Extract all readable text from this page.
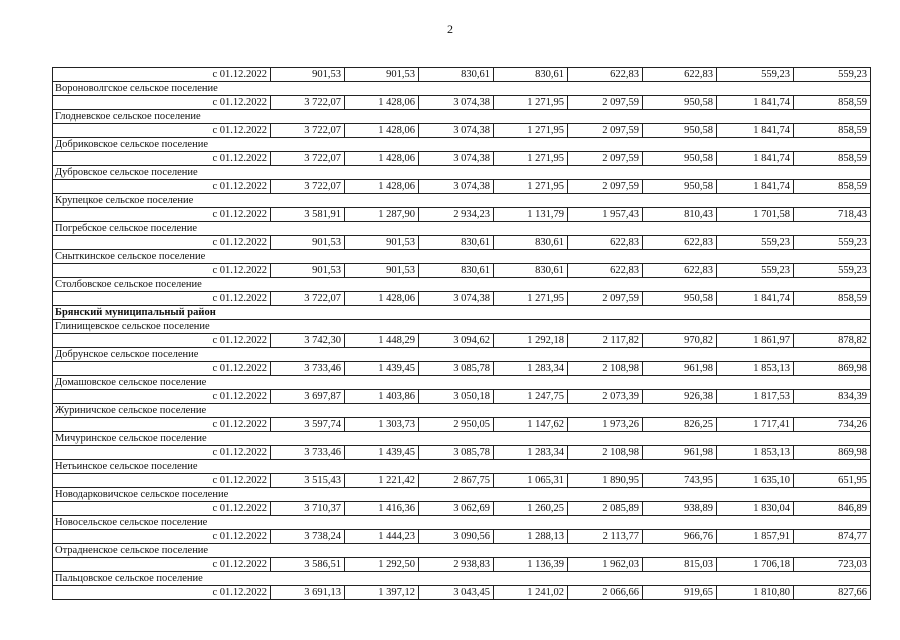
2
с 01.12.2022	901,53	901,53	830,61	830,61	622,83	622,83	559,23	559,23
Вороноволгское сельское поселение								
с 01.12.2022	3 722,07	1 428,06	3 074,38	1 271,95	2 097,59	950,58	1 841,74	858,59
Глодневское сельское поселение								
с 01.12.2022	3 722,07	1 428,06	3 074,38	1 271,95	2 097,59	950,58	1 841,74	858,59
Добриковское сельское поселение								
с 01.12.2022	3 722,07	1 428,06	3 074,38	1 271,95	2 097,59	950,58	1 841,74	858,59
Дубровское сельское поселение								
с 01.12.2022	3 722,07	1 428,06	3 074,38	1 271,95	2 097,59	950,58	1 841,74	858,59
Крупецкое сельское поселение								
с 01.12.2022	3 581,91	1 287,90	2 934,23	1 131,79	1 957,43	810,43	1 701,58	718,43
Погребское сельское поселение								
с 01.12.2022	901,53	901,53	830,61	830,61	622,83	622,83	559,23	559,23
Сныткинское сельское поселение								
с 01.12.2022	901,53	901,53	830,61	830,61	622,83	622,83	559,23	559,23
Столбовское сельское поселение								
с 01.12.2022	3 722,07	1 428,06	3 074,38	1 271,95	2 097,59	950,58	1 841,74	858,59
Брянский муниципальный район								
Глинищевское сельское поселение								
с 01.12.2022	3 742,30	1 448,29	3 094,62	1 292,18	2 117,82	970,82	1 861,97	878,82
Добрунское сельское поселение								
с 01.12.2022	3 733,46	1 439,45	3 085,78	1 283,34	2 108,98	961,98	1 853,13	869,98
Домашовское сельское поселение								
с 01.12.2022	3 697,87	1 403,86	3 050,18	1 247,75	2 073,39	926,38	1 817,53	834,39
Журиничское сельское поселение								
с 01.12.2022	3 597,74	1 303,73	2 950,05	1 147,62	1 973,26	826,25	1 717,41	734,26
Мичуринское сельское поселение								
с 01.12.2022	3 733,46	1 439,45	3 085,78	1 283,34	2 108,98	961,98	1 853,13	869,98
Нетьинское сельское поселение								
с 01.12.2022	3 515,43	1 221,42	2 867,75	1 065,31	1 890,95	743,95	1 635,10	651,95
Новодарковичское сельское поселение								
с 01.12.2022	3 710,37	1 416,36	3 062,69	1 260,25	2 085,89	938,89	1 830,04	846,89
Новосельское сельское поселение								
с 01.12.2022	3 738,24	1 444,23	3 090,56	1 288,13	2 113,77	966,76	1 857,91	874,77
Отрадненское сельское поселение								
с 01.12.2022	3 586,51	1 292,50	2 938,83	1 136,39	1 962,03	815,03	1 706,18	723,03
Пальцовское сельское поселение								
с 01.12.2022	3 691,13	1 397,12	3 043,45	1 241,02	2 066,66	919,65	1 810,80	827,66
